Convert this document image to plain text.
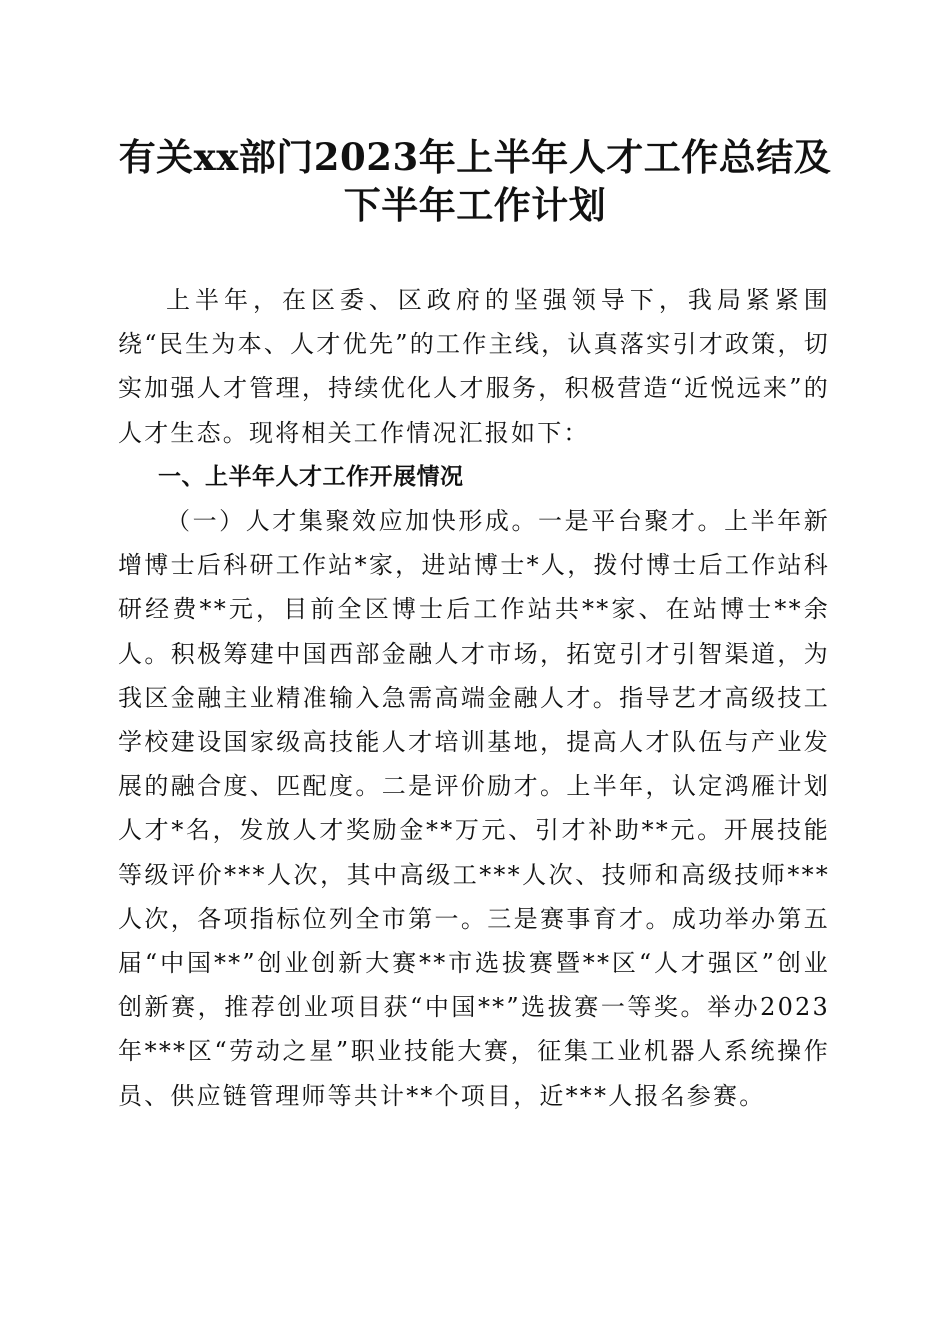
有关xx部门2023年上半年人才工作总结及下半年工作计划

上半年，在区委、区政府的坚强领导下，我局紧紧围绕“民生为本、人才优先”的工作主线，认真落实引才政策，切实加强人才管理，持续优化人才服务，积极营造“近悦远来”的人才生态。现将相关工作情况汇报如下：

一、上半年人才工作开展情况

（一）人才集聚效应加快形成。一是平台聚才。上半年新增博士后科研工作站*家，进站博士*人，拨付博士后工作站科研经费**元，目前全区博士后工作站共**家、在站博士**余人。积极筹建中国西部金融人才市场，拓宽引才引智渠道，为我区金融主业精准输入急需高端金融人才。指导艺才高级技工学校建设国家级高技能人才培训基地，提高人才队伍与产业发展的融合度、匹配度。二是评价励才。上半年，认定鸿雁计划人才*名，发放人才奖励金**万元、引才补助**元。开展技能等级评价***人次，其中高级工***人次、技师和高级技师***人次，各项指标位列全市第一。三是赛事育才。成功举办第五届“中国**”创业创新大赛**市选拔赛暨**区“人才强区”创业创新赛，推荐创业项目获“中国**”选拔赛一等奖。举办2023年***区“劳动之星”职业技能大赛，征集工业机器人系统操作员、供应链管理师等共计**个项目，近***人报名参赛。
